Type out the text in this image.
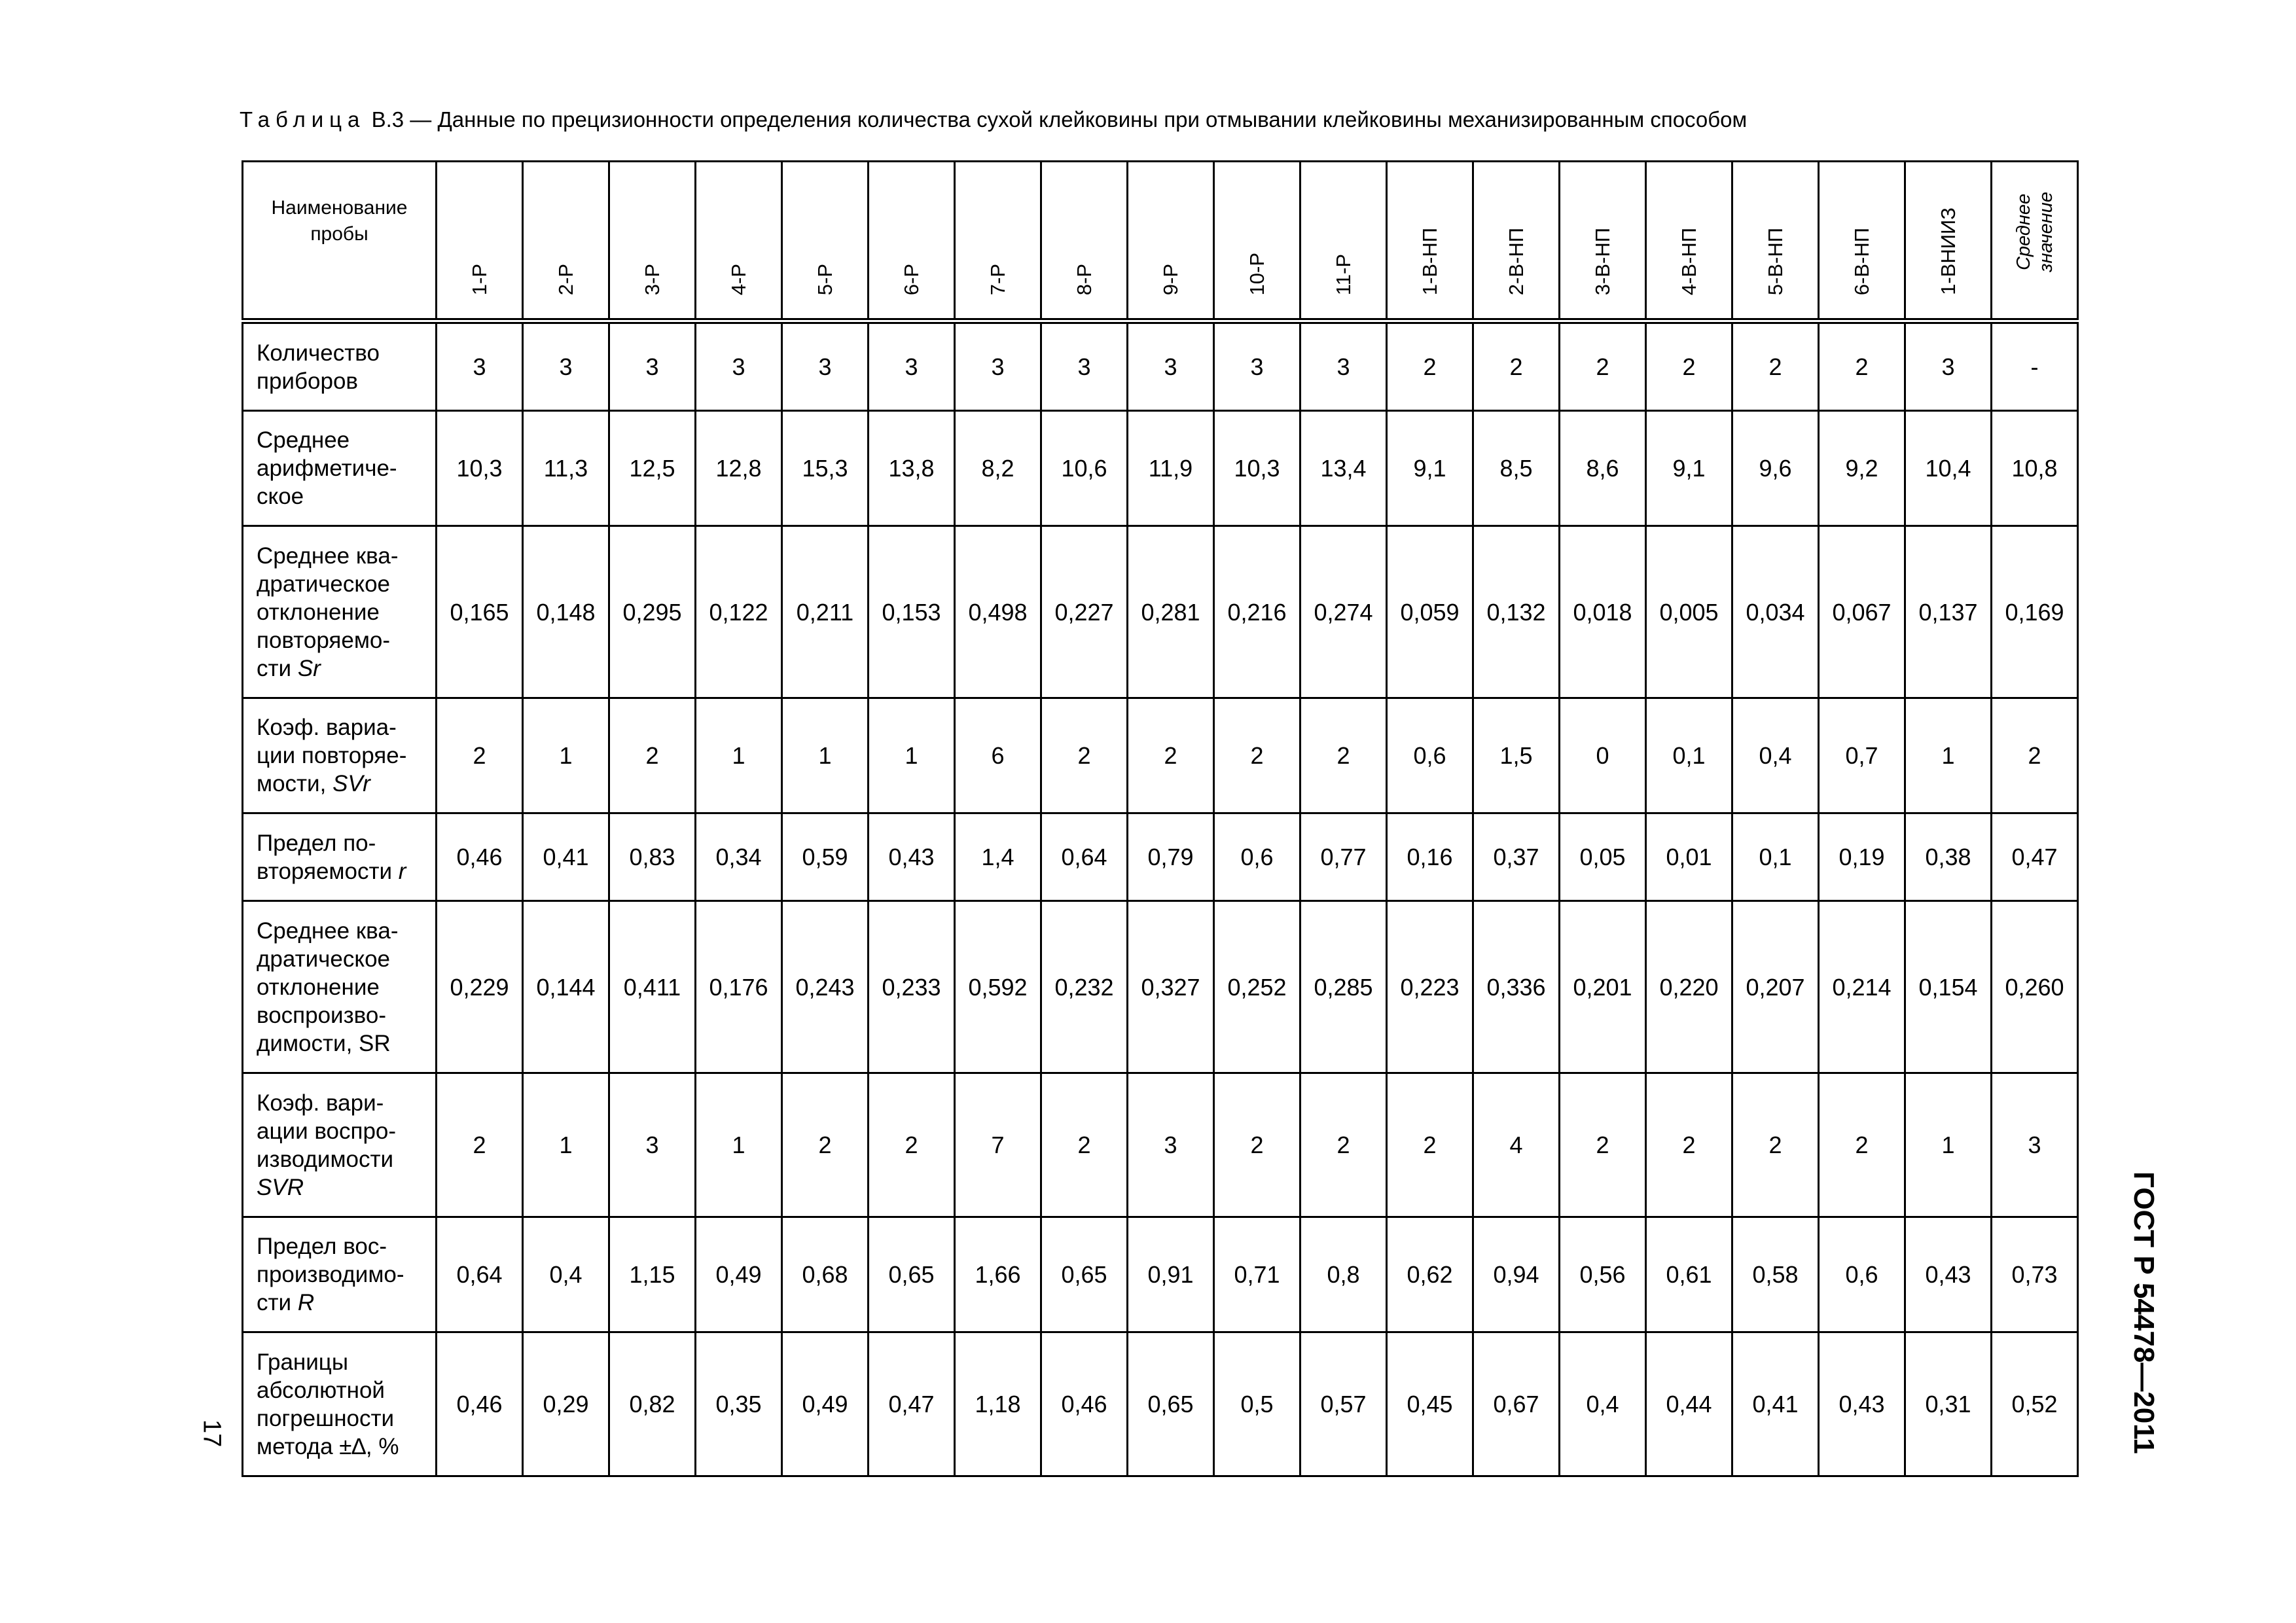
Таблица В.3 — Данные по прецизионности определения количества сухой клейковины при отмывании клейковины механизированным способом
Наименование
пробы	1-Р	2-Р	3-Р	4-Р	5-Р	6-Р	7-Р	8-Р	9-Р	10-Р	11-Р	1-В-НП	2-В-НП	3-В-НП	4-В-НП	5-В-НП	6-В-НП	1-ВНИИЗ	Среднее
значение

Количество
приборов	3	3	3	3	3	3	3	3	3	3	3	2	2	2	2	2	2	3	-

Среднее
арифметиче-
ское	10,3	11,3	12,5	12,8	15,3	13,8	8,2	10,6	11,9	10,3	13,4	9,1	8,5	8,6	9,1	9,6	9,2	10,4	10,8

Среднее ква-
дратическое
отклонение
повторяемо-
сти Sr	0,165	0,148	0,295	0,122	0,211	0,153	0,498	0,227	0,281	0,216	0,274	0,059	0,132	0,018	0,005	0,034	0,067	0,137	0,169

Коэф. вариа-
ции повторяе-
мости, SVr	2	1	2	1	1	1	6	2	2	2	2	0,6	1,5	0	0,1	0,4	0,7	1	2

Предел по-
вторяемости r	0,46	0,41	0,83	0,34	0,59	0,43	1,4	0,64	0,79	0,6	0,77	0,16	0,37	0,05	0,01	0,1	0,19	0,38	0,47

Среднее ква-
дратическое
отклонение
воспроизво-
димости, SR	0,229	0,144	0,411	0,176	0,243	0,233	0,592	0,232	0,327	0,252	0,285	0,223	0,336	0,201	0,220	0,207	0,214	0,154	0,260

Коэф. вари-
ации воспро-
изводимости
SVR	2	1	3	1	2	2	7	2	3	2	2	2	4	2	2	2	2	1	3

Предел вос-
производимо-
сти R	0,64	0,4	1,15	0,49	0,68	0,65	1,66	0,65	0,91	0,71	0,8	0,62	0,94	0,56	0,61	0,58	0,6	0,43	0,73

Границы
абсолютной
погрешности
метода ±∆, %	0,46	0,29	0,82	0,35	0,49	0,47	1,18	0,46	0,65	0,5	0,57	0,45	0,67	0,4	0,44	0,41	0,43	0,31	0,52 ГОСТ Р 54478—2011
17
